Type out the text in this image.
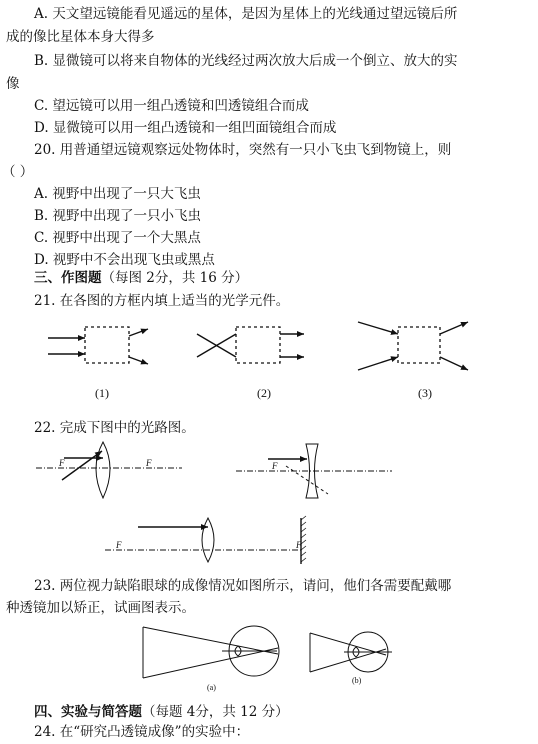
A. 天文望远镜能看见遥远的星体，是因为星体上的光线通过望远镜后所
成的像比星体本身大得多
B. 显微镜可以将来自物体的光线经过两次放大后成一个倒立、放大的实
像
C. 望远镜可以用一组凸透镜和凹透镜组合而成
D. 显微镜可以用一组凸透镜和一组凹面镜组合而成
20. 用普通望远镜观察远处物体时，突然有一只小飞虫飞到物镜上，则
（ ）
A. 视野中出现了一只大飞虫
B. 视野中出现了一只小飞虫
C. 视野中出现了一个大黑点
D. 视野中不会出现飞虫或黑点
三、作图题（每图 2分，共 16 分）
21. 在各图的方框内填上适当的光学元件。
(1)	(2)	(3)
22. 完成下图中的光路图。
F	F	F
F	F
23. 两位视力缺陷眼球的成像情况如图所示，请问，他们各需要配戴哪
种透镜加以矫正，试画图表示。
(a)
(b)
四、实验与简答题（每题 4分，共 12 分）
24. 在“研究凸透镜成像”的实验中：
